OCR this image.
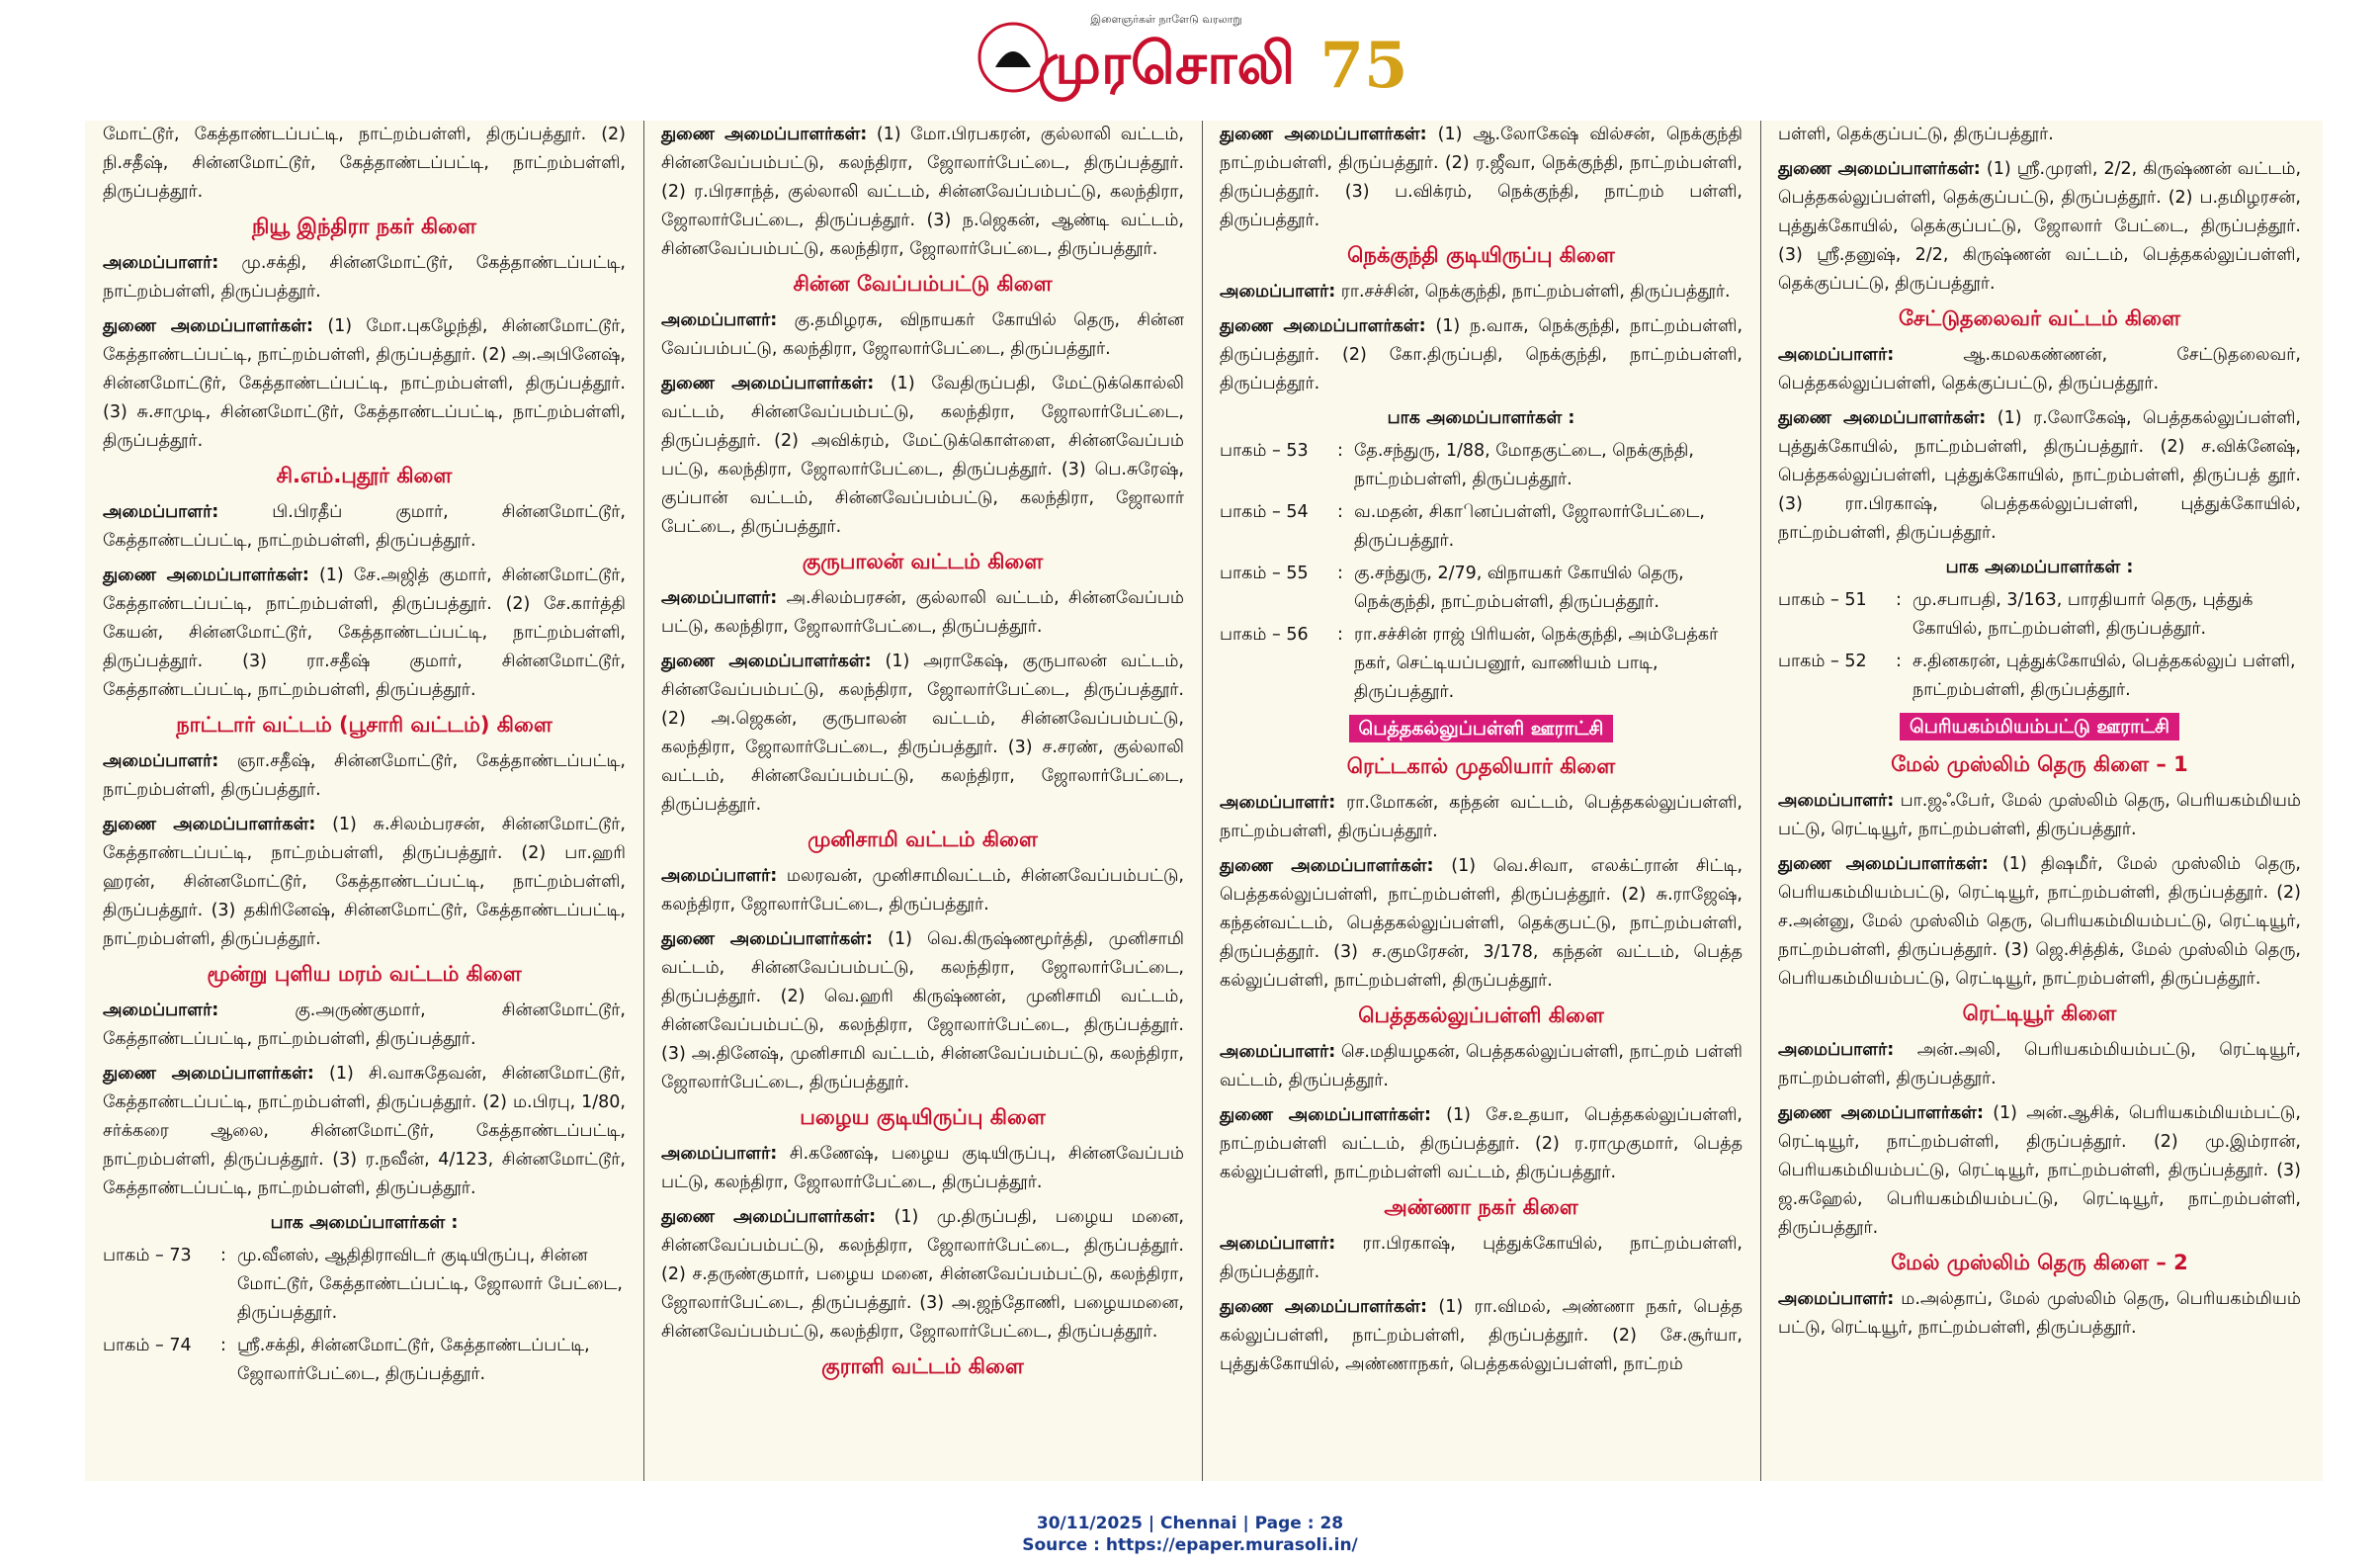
இளைஞர்கள் நாளேடு வரலாறு
முரசொலி 75

மோட்டூர், கேத்தாண்டப்பட்டி, நாட்றம்பள்ளி, திருப்பத்தூர். (2) நி.சதீஷ், சின்னமோட்டூர், கேத்தாண்டப்பட்டி, நாட்றம்பள்ளி, திருப்பத்தூர்.

நியூ இந்திரா நகர் கிளை

அமைப்பாளர்: மு.சக்தி, சின்னமோட்டூர், கேத்தாண்டப்பட்டி, நாட்றம்பள்ளி, திருப்பத்தூர்.

துணை அமைப்பாளர்கள்: (1) மோ.புகழேந்தி, சின்னமோட்டூர், கேத்தாண்டப்பட்டி, நாட்றம்பள்ளி, திருப்பத்தூர். (2) அ.அபினேஷ், சின்னமோட்டூர், கேத்தாண்டப்பட்டி, நாட்றம்பள்ளி, திருப்பத்தூர். (3) சு.சாமுடி, சின்னமோட்டூர், கேத்தாண்டப்பட்டி, நாட்றம்பள்ளி, திருப்பத்தூர்.

சி.எம்.புதூர் கிளை

அமைப்பாளர்: பி.பிரதீப் குமார், சின்னமோட்டூர், கேத்தாண்டப்பட்டி, நாட்றம்பள்ளி, திருப்பத்தூர்.

துணை அமைப்பாளர்கள்: (1) சே.அஜித் குமார், சின்னமோட்டூர், கேத்தாண்டப்பட்டி, நாட்றம்பள்ளி, திருப்பத்தூர். (2) சே.கார்த்தி கேயன், சின்னமோட்டூர், கேத்தாண்டப்பட்டி, நாட்றம்பள்ளி, திருப்பத்தூர். (3) ரா.சதீஷ் குமார், சின்னமோட்டூர், கேத்தாண்டப்பட்டி, நாட்றம்பள்ளி, திருப்பத்தூர்.

நாட்டார் வட்டம் (பூசாரி வட்டம்) கிளை

அமைப்பாளர்: ஞா.சதீஷ், சின்னமோட்டூர், கேத்தாண்டப்பட்டி, நாட்றம்பள்ளி, திருப்பத்தூர்.

துணை அமைப்பாளர்கள்: (1) சு.சிலம்பரசன், சின்னமோட்டூர், கேத்தாண்டப்பட்டி, நாட்றம்பள்ளி, திருப்பத்தூர். (2) பா.ஹரி ஹரன், சின்னமோட்டூர், கேத்தாண்டப்பட்டி, நாட்றம்பள்ளி, திருப்பத்தூர். (3) தகிரினேஷ், சின்னமோட்டூர், கேத்தாண்டப்பட்டி, நாட்றம்பள்ளி, திருப்பத்தூர்.

மூன்று புளிய மரம் வட்டம் கிளை

அமைப்பாளர்: கு.அருண்குமார், சின்னமோட்டூர், கேத்தாண்டப்பட்டி, நாட்றம்பள்ளி, திருப்பத்தூர்.

துணை அமைப்பாளர்கள்: (1) சி.வாசுதேவன், சின்னமோட்டூர், கேத்தாண்டப்பட்டி, நாட்றம்பள்ளி, திருப்பத்தூர். (2) ம.பிரபு, 1/80, சர்க்கரை ஆலை, சின்னமோட்டூர், கேத்தாண்டப்பட்டி, நாட்றம்பள்ளி, திருப்பத்தூர். (3) ர.நவீன், 4/123, சின்னமோட்டூர், கேத்தாண்டப்பட்டி, நாட்றம்பள்ளி, திருப்பத்தூர்.

பாக அமைப்பாளர்கள் :
பாகம் – 73	:	மு.வீனஸ், ஆதிதிராவிடர் குடியிருப்பு, சின்ன மோட்டூர், கேத்தாண்டப்பட்டி, ஜோலார் பேட்டை, திருப்பத்தூர்.
பாகம் – 74	:	ஸ்ரீ.சக்தி, சின்னமோட்டூர், கேத்தாண்டப்பட்டி, ஜோலார்பேட்டை, திருப்பத்தூர்.

துணை அமைப்பாளர்கள்: (1) மோ.பிரபகரன், குல்லாலி வட்டம், சின்னவேப்பம்பட்டு, கலந்திரா, ஜோலார்பேட்டை, திருப்பத்தூர். (2) ர.பிரசாந்த், குல்லாலி வட்டம், சின்னவேப்பம்பட்டு, கலந்திரா, ஜோலார்பேட்டை, திருப்பத்தூர். (3) ந.ஜெகன், ஆண்டி வட்டம், சின்னவேப்பம்பட்டு, கலந்திரா, ஜோலார்பேட்டை, திருப்பத்தூர்.

சின்ன வேப்பம்பட்டு கிளை

அமைப்பாளர்: கு.தமிழரசு, விநாயகர் கோயில் தெரு, சின்ன வேப்பம்பட்டு, கலந்திரா, ஜோலார்பேட்டை, திருப்பத்தூர்.

துணை அமைப்பாளர்கள்: (1) வேதிருப்பதி, மேட்டுக்கொல்லி வட்டம், சின்னவேப்பம்பட்டு, கலந்திரா, ஜோலார்பேட்டை, திருப்பத்தூர். (2) அவிக்ரம், மேட்டுக்கொள்ளை, சின்னவேப்பம் பட்டு, கலந்திரா, ஜோலார்பேட்டை, திருப்பத்தூர். (3) பெ.சுரேஷ், குப்பான் வட்டம், சின்னவேப்பம்பட்டு, கலந்திரா, ஜோலார் பேட்டை, திருப்பத்தூர்.

குருபாலன் வட்டம் கிளை

அமைப்பாளர்: அ.சிலம்பரசன், குல்லாலி வட்டம், சின்னவேப்பம் பட்டு, கலந்திரா, ஜோலார்பேட்டை, திருப்பத்தூர்.

துணை அமைப்பாளர்கள்: (1) அராகேஷ், குருபாலன் வட்டம், சின்னவேப்பம்பட்டு, கலந்திரா, ஜோலார்பேட்டை, திருப்பத்தூர். (2) அ.ஜெகன், குருபாலன் வட்டம், சின்னவேப்பம்பட்டு, கலந்திரா, ஜோலார்பேட்டை, திருப்பத்தூர். (3) ச.சரண், குல்லாலி வட்டம், சின்னவேப்பம்பட்டு, கலந்திரா, ஜோலார்பேட்டை, திருப்பத்தூர்.

முனிசாமி வட்டம் கிளை

அமைப்பாளர்: மலரவன், முனிசாமிவட்டம், சின்னவேப்பம்பட்டு, கலந்திரா, ஜோலார்பேட்டை, திருப்பத்தூர்.

துணை அமைப்பாளர்கள்: (1) வெ.கிருஷ்ணமூர்த்தி, முனிசாமி வட்டம், சின்னவேப்பம்பட்டு, கலந்திரா, ஜோலார்பேட்டை, திருப்பத்தூர். (2) வெ.ஹரி கிருஷ்ணன், முனிசாமி வட்டம், சின்னவேப்பம்பட்டு, கலந்திரா, ஜோலார்பேட்டை, திருப்பத்தூர். (3) அ.தினேஷ், முனிசாமி வட்டம், சின்னவேப்பம்பட்டு, கலந்திரா, ஜோலார்பேட்டை, திருப்பத்தூர்.

பழைய குடியிருப்பு கிளை

அமைப்பாளர்: சி.கணேஷ், பழைய குடியிருப்பு, சின்னவேப்பம் பட்டு, கலந்திரா, ஜோலார்பேட்டை, திருப்பத்தூர்.

துணை அமைப்பாளர்கள்: (1) மு.திருப்பதி, பழைய மனை, சின்னவேப்பம்பட்டு, கலந்திரா, ஜோலார்பேட்டை, திருப்பத்தூர். (2) ச.தருண்குமார், பழைய மனை, சின்னவேப்பம்பட்டு, கலந்திரா, ஜோலார்பேட்டை, திருப்பத்தூர். (3) அ.ஜந்தோணி, பழையமனை, சின்னவேப்பம்பட்டு, கலந்திரா, ஜோலார்பேட்டை, திருப்பத்தூர்.

குராளி வட்டம் கிளை

துணை அமைப்பாளர்கள்: (1) ஆ.லோகேஷ் வில்சன், நெக்குந்தி நாட்றம்பள்ளி, திருப்பத்தூர். (2) ர.ஜீவா, நெக்குந்தி, நாட்றம்பள்ளி, திருப்பத்தூர். (3) ப.விக்ரம், நெக்குந்தி, நாட்றம் பள்ளி, திருப்பத்தூர்.

நெக்குந்தி குடியிருப்பு கிளை

அமைப்பாளர்: ரா.சச்சின், நெக்குந்தி, நாட்றம்பள்ளி, திருப்பத்தூர்.

துணை அமைப்பாளர்கள்: (1) ந.வாசு, நெக்குந்தி, நாட்றம்பள்ளி, திருப்பத்தூர். (2) கோ.திருப்பதி, நெக்குந்தி, நாட்றம்பள்ளி, திருப்பத்தூர்.

பாக அமைப்பாளர்கள் :
பாகம் – 53	:	தே.சந்துரு, 1/88, மோதகுட்டை, நெக்குந்தி, நாட்றம்பள்ளி, திருப்பத்தூர்.
பாகம் – 54	:	வ.மதன், சிகாினப்பள்ளி, ஜோலார்பேட்டை, திருப்பத்தூர்.
பாகம் – 55	:	கு.சந்துரு, 2/79, விநாயகர் கோயில் தெரு, நெக்குந்தி, நாட்றம்பள்ளி, திருப்பத்தூர்.
பாகம் – 56	:	ரா.சச்சின் ராஜ் பிரியன், நெக்குந்தி, அம்பேத்கர் நகர், செட்டியப்பனூர், வாணியம் பாடி, திருப்பத்தூர்.
பெத்தகல்லுப்பள்ளி ஊராட்சி
ரெட்டகால் முதலியார் கிளை

அமைப்பாளர்: ரா.மோகன், கந்தன் வட்டம், பெத்தகல்லுப்பள்ளி, நாட்றம்பள்ளி, திருப்பத்தூர்.

துணை அமைப்பாளர்கள்: (1) வெ.சிவா, எலக்ட்ரான் சிட்டி, பெத்தகல்லுப்பள்ளி, நாட்றம்பள்ளி, திருப்பத்தூர். (2) சு.ராஜேஷ், கந்தன்வட்டம், பெத்தகல்லுப்பள்ளி, தெக்குபட்டு, நாட்றம்பள்ளி, திருப்பத்தூர். (3) ச.குமரேசன், 3/178, கந்தன் வட்டம், பெத்த கல்லுப்பள்ளி, நாட்றம்பள்ளி, திருப்பத்தூர்.

பெத்தகல்லுப்பள்ளி கிளை

அமைப்பாளர்: செ.மதியழகன், பெத்தகல்லுப்பள்ளி, நாட்றம் பள்ளி வட்டம், திருப்பத்தூர்.

துணை அமைப்பாளர்கள்: (1) சே.உதயா, பெத்தகல்லுப்பள்ளி, நாட்றம்பள்ளி வட்டம், திருப்பத்தூர். (2) ர.ராமுகுமார், பெத்த கல்லுப்பள்ளி, நாட்றம்பள்ளி வட்டம், திருப்பத்தூர்.

அண்ணா நகர் கிளை

அமைப்பாளர்: ரா.பிரகாஷ், புத்துக்கோயில், நாட்றம்பள்ளி, திருப்பத்தூர்.

துணை அமைப்பாளர்கள்: (1) ரா.விமல், அண்ணா நகர், பெத்த கல்லுப்பள்ளி, நாட்றம்பள்ளி, திருப்பத்தூர். (2) சே.சூர்யா, புத்துக்கோயில், அண்ணாநகர், பெத்தகல்லுப்பள்ளி, நாட்றம்

பள்ளி, தெக்குப்பட்டு, திருப்பத்தூர்.

துணை அமைப்பாளர்கள்: (1) ஸ்ரீ.முரளி, 2/2, கிருஷ்ணன் வட்டம், பெத்தகல்லுப்பள்ளி, தெக்குப்பட்டு, திருப்பத்தூர். (2) ப.தமிழரசன், புத்துக்கோயில், தெக்குப்பட்டு, ஜோலார் பேட்டை, திருப்பத்தூர். (3) ஸ்ரீ.தனுஷ், 2/2, கிருஷ்ணன் வட்டம், பெத்தகல்லுப்பள்ளி, தெக்குப்பட்டு, திருப்பத்தூர்.

சேட்டுதலைவர் வட்டம் கிளை

அமைப்பாளர்: ஆ.கமலகண்ணன், சேட்டுதலைவர், பெத்தகல்லுப்பள்ளி, தெக்குப்பட்டு, திருப்பத்தூர்.

துணை அமைப்பாளர்கள்: (1) ர.லோகேஷ், பெத்தகல்லுப்பள்ளி, புத்துக்கோயில், நாட்றம்பள்ளி, திருப்பத்தூர். (2) ச.விக்னேஷ், பெத்தகல்லுப்பள்ளி, புத்துக்கோயில், நாட்றம்பள்ளி, திருப்பத் தூர். (3) ரா.பிரகாஷ், பெத்தகல்லுப்பள்ளி, புத்துக்கோயில், நாட்றம்பள்ளி, திருப்பத்தூர்.

பாக அமைப்பாளர்கள் :
பாகம் – 51	:	மு.சபாபதி, 3/163, பாரதியார் தெரு, புத்துக் கோயில், நாட்றம்பள்ளி, திருப்பத்தூர்.
பாகம் – 52	:	ச.தினகரன், புத்துக்கோயில், பெத்தகல்லுப் பள்ளி, நாட்றம்பள்ளி, திருப்பத்தூர்.
பெரியகம்மியம்பட்டு ஊராட்சி
மேல் முஸ்லிம் தெரு கிளை – 1

அமைப்பாளர்: பா.ஜஃபேர், மேல் முஸ்லிம் தெரு, பெரியகம்மியம் பட்டு, ரெட்டியூர், நாட்றம்பள்ளி, திருப்பத்தூர்.

துணை அமைப்பாளர்கள்: (1) திஷமீர், மேல் முஸ்லிம் தெரு, பெரியகம்மியம்பட்டு, ரெட்டியூர், நாட்றம்பள்ளி, திருப்பத்தூர். (2) ச.அன்னு, மேல் முஸ்லிம் தெரு, பெரியகம்மியம்பட்டு, ரெட்டியூர், நாட்றம்பள்ளி, திருப்பத்தூர். (3) ஜெ.சித்திக், மேல் முஸ்லிம் தெரு, பெரியகம்மியம்பட்டு, ரெட்டியூர், நாட்றம்பள்ளி, திருப்பத்தூர்.

ரெட்டியூர் கிளை

அமைப்பாளர்: அன்.அலி, பெரியகம்மியம்பட்டு, ரெட்டியூர், நாட்றம்பள்ளி, திருப்பத்தூர்.

துணை அமைப்பாளர்கள்: (1) அன்.ஆசிக், பெரியகம்மியம்பட்டு, ரெட்டியூர், நாட்றம்பள்ளி, திருப்பத்தூர். (2) மு.இம்ரான், பெரியகம்மியம்பட்டு, ரெட்டியூர், நாட்றம்பள்ளி, திருப்பத்தூர். (3) ஜ.சுஹேல், பெரியகம்மியம்பட்டு, ரெட்டியூர், நாட்றம்பள்ளி, திருப்பத்தூர்.

மேல் முஸ்லிம் தெரு கிளை – 2

அமைப்பாளர்: ம.அல்தாப், மேல் முஸ்லிம் தெரு, பெரியகம்மியம் பட்டு, ரெட்டியூர், நாட்றம்பள்ளி, திருப்பத்தூர்.

30/11/2025 | Chennai | Page : 28
Source : https://epaper.murasoli.in/
